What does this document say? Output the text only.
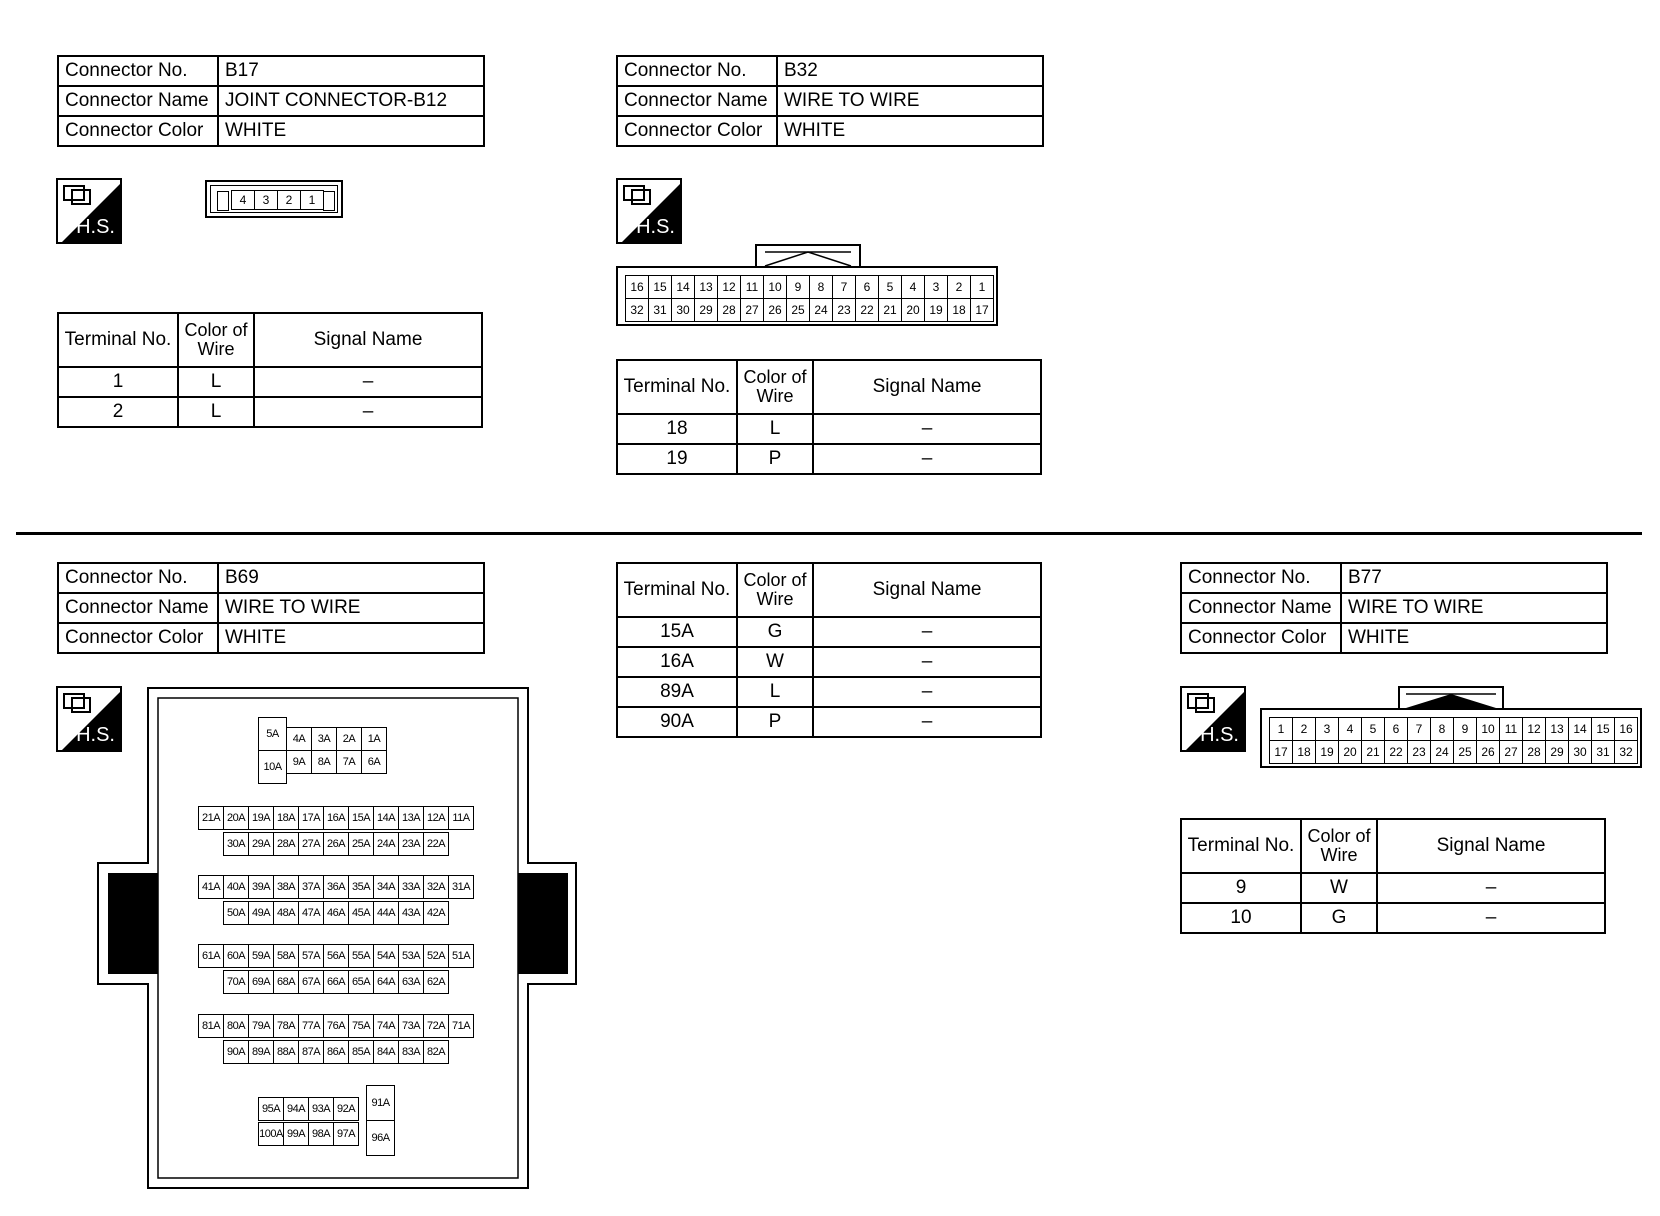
Connector No.	B17
Connector Name	JOINT CONNECTOR-B12
Connector Color	WHITE
H.S.
4	3	2	1
Terminal No.	Color of Wire	Signal Name
1	L	–
2	L	–
Connector No.	B32
Connector Name	WIRE TO WIRE
Connector Color	WHITE
H.S.
16 15 14 13 12 11 10	9	8	7	6	5	4	3	2	1
32 31 30 29 28 27 26 25 24 23 22 21 20 19 18 17
Terminal No.	Color of Wire	Signal Name
18	L	–
19	P	–
Connector No.	B69
Connector Name	WIRE TO WIRE
Connector Color	WHITE
H.S.	5A
10A
4A	3A	2A	1A
9A	8A	7A	6A
21A 20A 19A 18A 17A 16A 15A 14A 13A 12A 11A
30A 29A 28A 27A 26A 25A 24A 23A 22A
41A 40A 39A 38A 37A 36A 35A 34A 33A 32A 31A
50A 49A 48A 47A 46A 45A 44A 43A 42A
61A 60A 59A 58A 57A 56A 55A 54A 53A 52A 51A
70A 69A 68A 67A 66A 65A 64A 63A 62A
81A 80A 79A 78A 77A 76A 75A 74A 73A 72A 71A
90A 89A 88A 87A 86A 85A 84A 83A 82A
95A 94A 93A 92A
100A 99A 98A 97A
91A
96A
Terminal No.	Color of Wire	Signal Name
15A	G	–
16A	W	–
89A	L	–
90A	P	–
Connector No.	B77
Connector Name	WIRE TO WIRE
Connector Color	WHITE
H.S.	1	2	3	4	5	6	7	8	9	10 11 12 13 14 15 16
17 18 19 20 21 22 23 24 25 26 27 28 29 30 31 32
Terminal No.	Color of Wire	Signal Name
9	W	–
10	G	–
